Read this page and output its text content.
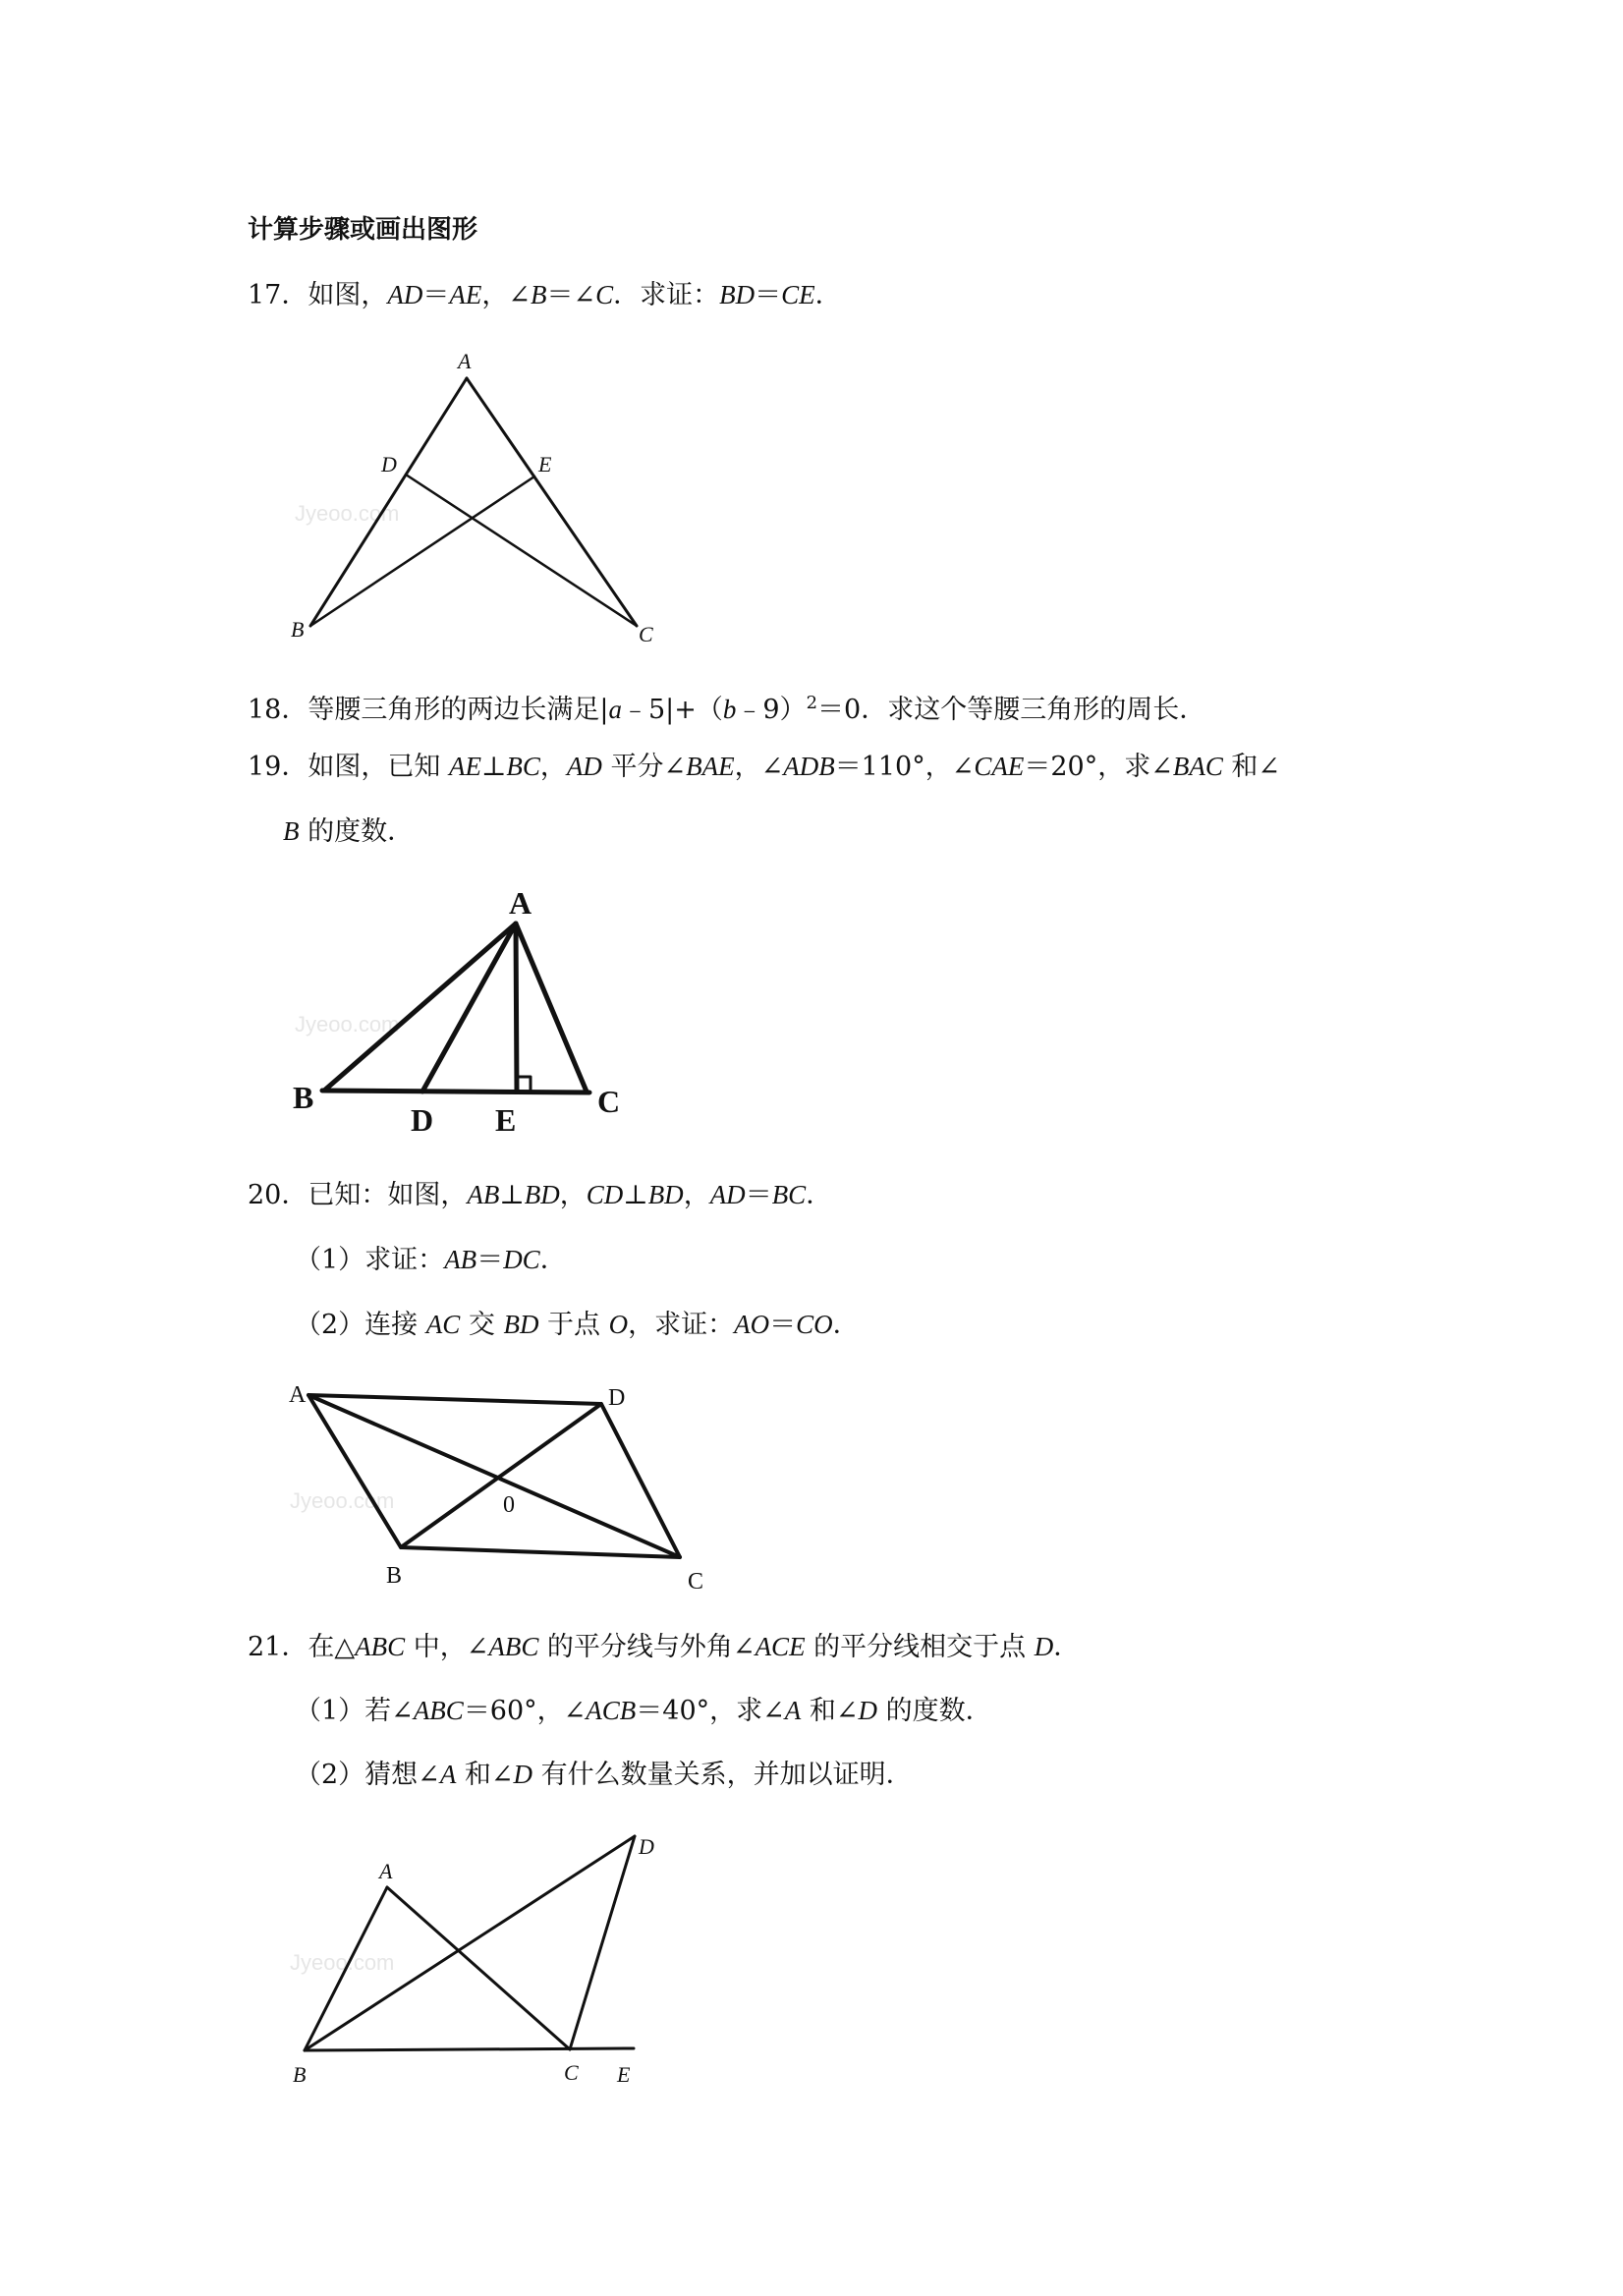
计算步骤或画出图形
17．如图，AD＝AE，∠B＝∠C．求证：BD＝CE．
Jyeoo.com
A
D	E
B	C
18．等腰三角形的两边长满足|a﹣5|+（b﹣9）$^2$＝0．求这个等腰三角形的周长．
19．如图，已知 AE⊥BC，AD 平分∠BAE，∠ADB＝110°，∠CAE＝20°，求∠BAC 和∠
B 的度数．
Jyeoo.com
A
B
D E
C
20．已知：如图，AB⊥BD，CD⊥BD，AD＝BC．
（1）求证：AB＝DC．
（2）连接 AC 交 BD 于点 O，求证：AO＝CO．
Jyeoo.com
A	D
0
B	C
21．在△ABC 中，∠ABC 的平分线与外角∠ACE 的平分线相交于点 D．
（1）若∠ABC＝60°，∠ACB＝40°，求∠A 和∠D 的度数．
（2）猜想∠A 和∠D 有什么数量关系，并加以证明．
Jyeoo.com
A
D
B	C E
